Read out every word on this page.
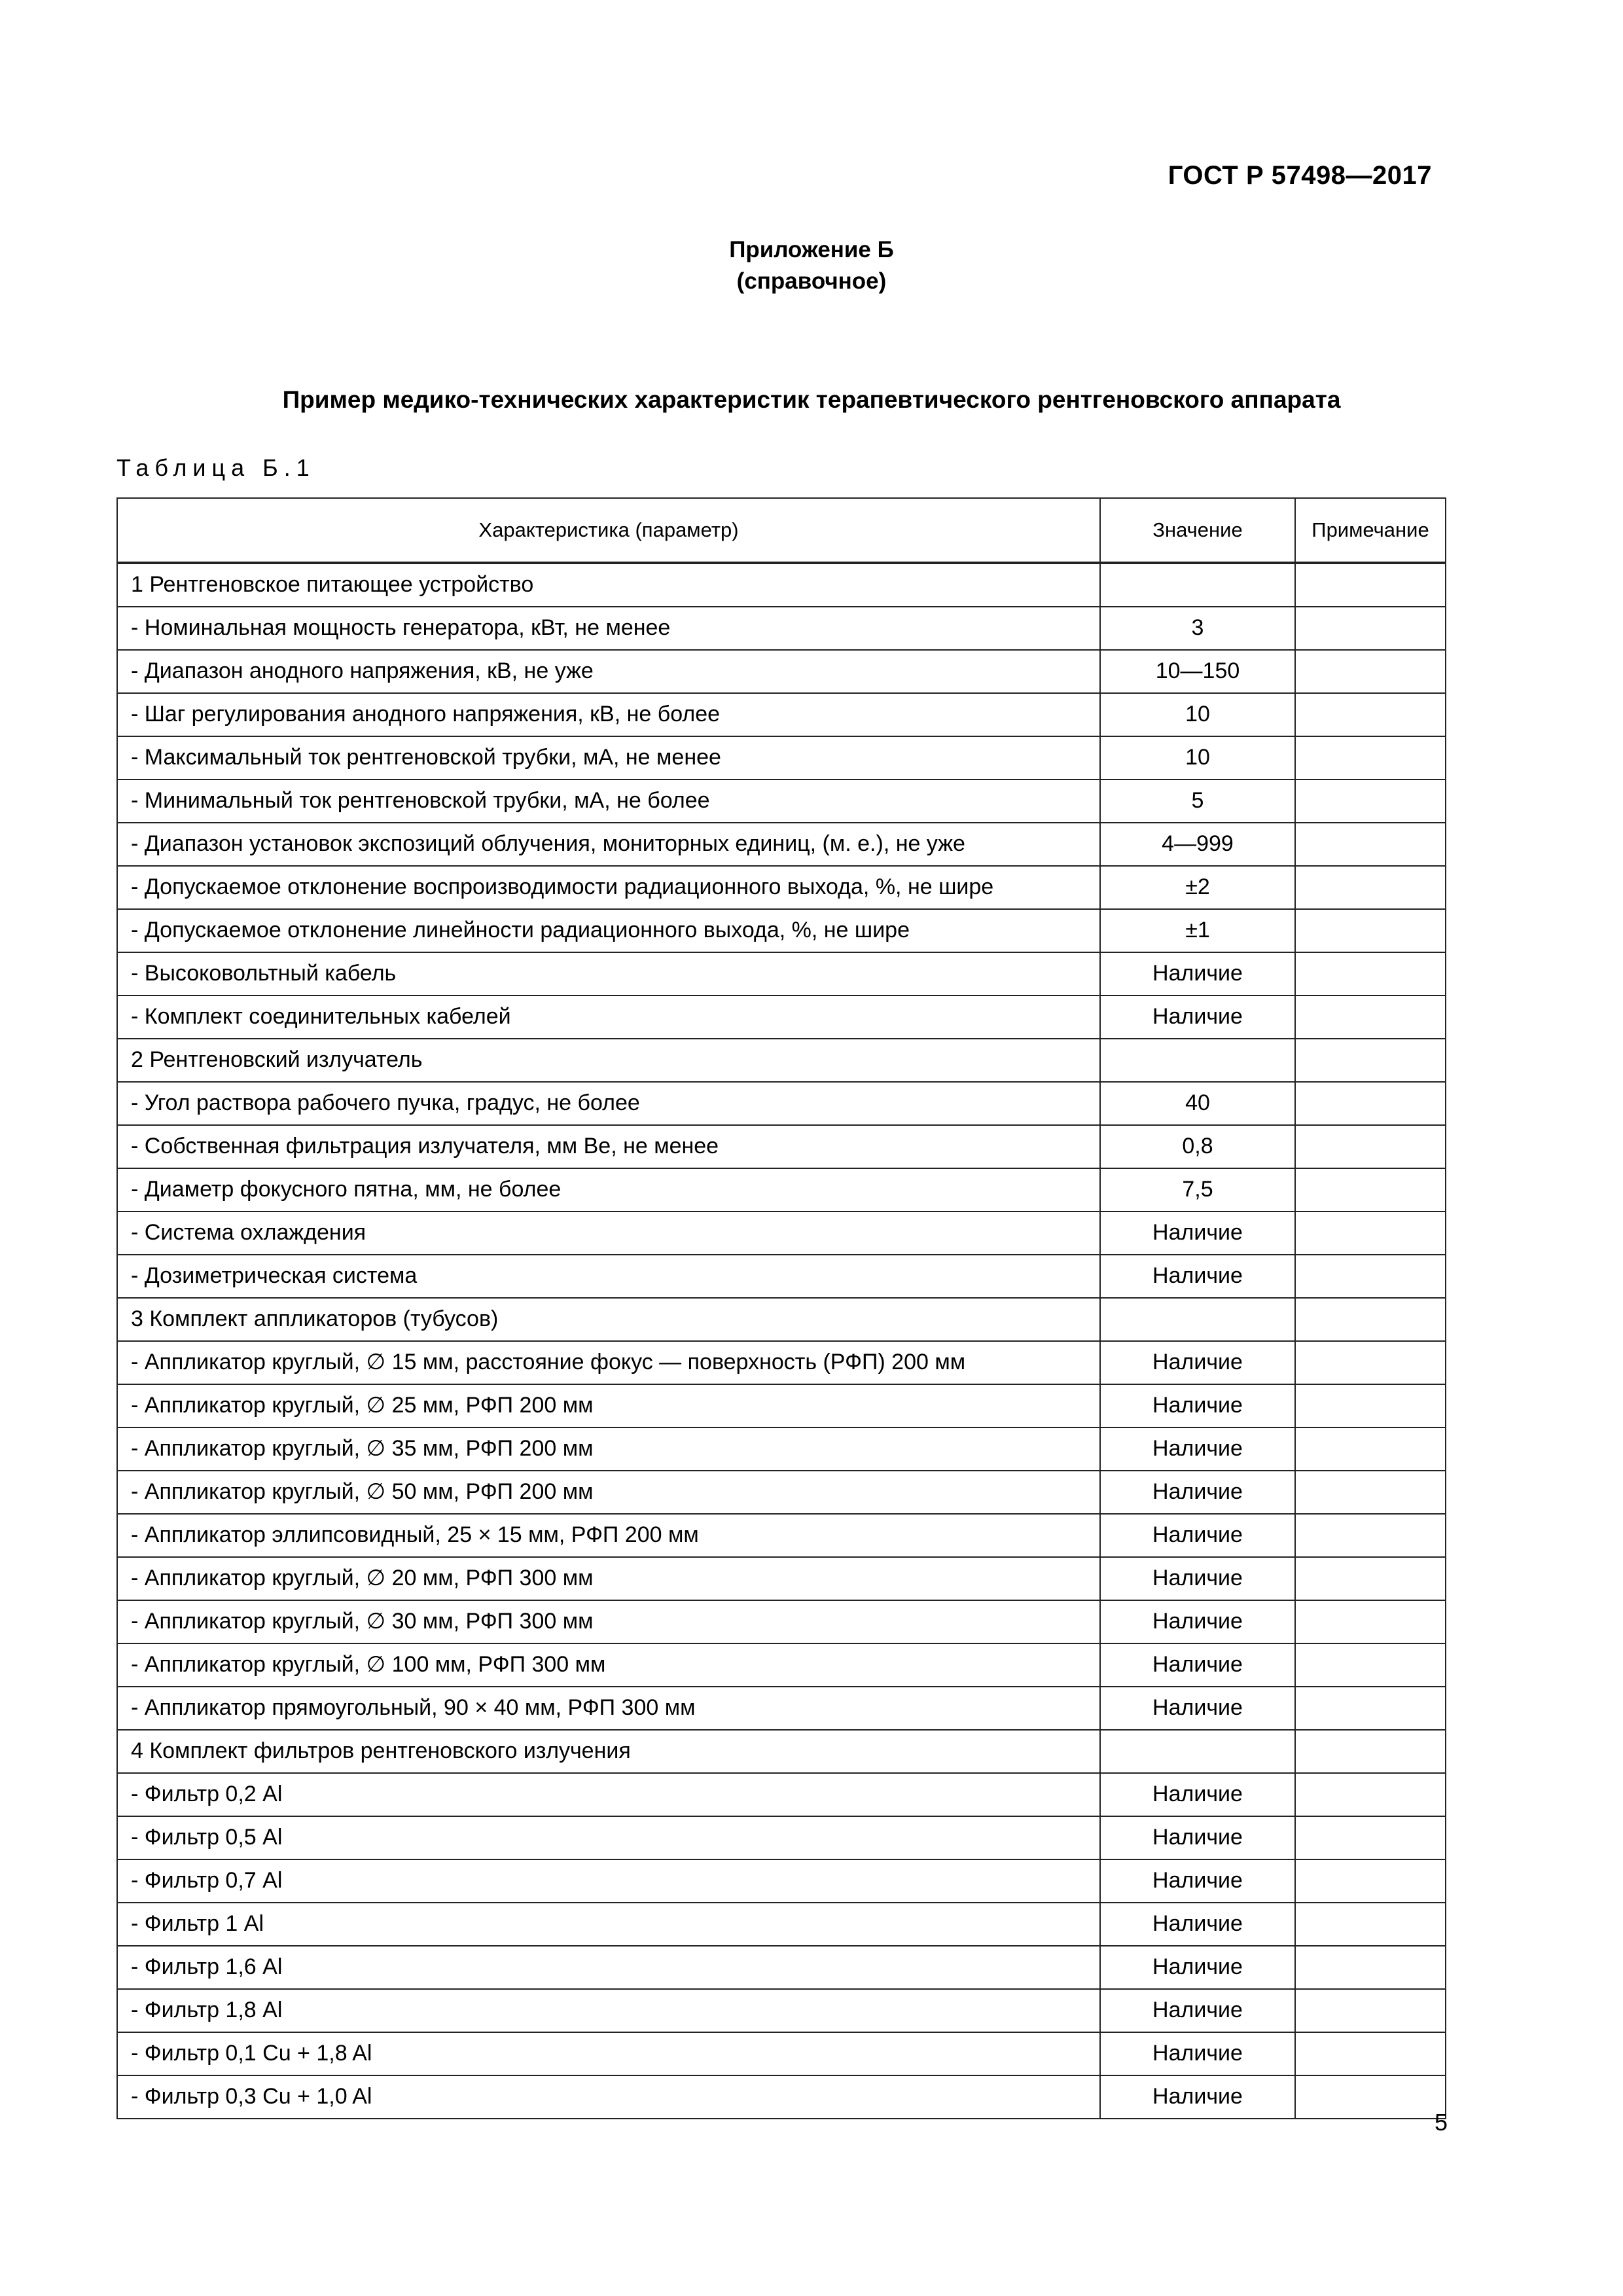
ГОСТ Р 57498—2017
Приложение Б
(справочное)
Пример медико-технических характеристик терапевтического рентгеновского аппарата
Таблица Б.1
Характеристика (параметр)	Значение	Примечание
1 Рентгеновское питающее устройство		
- Номинальная мощность генератора, кВт, не менее	3	
- Диапазон анодного напряжения, кВ, не уже	10—150	
- Шаг регулирования анодного напряжения, кВ, не более	10	
- Максимальный ток рентгеновской трубки, мА, не менее	10	
- Минимальный ток рентгеновской трубки, мА, не более	5	
- Диапазон установок экспозиций облучения, мониторных единиц, (м. е.), не уже	4—999	
- Допускаемое отклонение воспроизводимости радиационного выхода, %, не шире	±2	
- Допускаемое отклонение линейности радиационного выхода, %, не шире	±1	
- Высоковольтный кабель	Наличие	
- Комплект соединительных кабелей	Наличие	
2 Рентгеновский излучатель		
- Угол раствора рабочего пучка, градус, не более	40	
- Собственная фильтрация излучателя, мм Be, не менее	0,8	
- Диаметр фокусного пятна, мм, не более	7,5	
- Система охлаждения	Наличие	
- Дозиметрическая система	Наличие	
3 Комплект аппликаторов (тубусов)		
- Аппликатор круглый, ∅ 15 мм, расстояние фокус — поверхность (РФП) 200 мм	Наличие	
- Аппликатор круглый, ∅ 25 мм, РФП 200 мм	Наличие	
- Аппликатор круглый, ∅ 35 мм, РФП 200 мм	Наличие	
- Аппликатор круглый, ∅ 50 мм, РФП 200 мм	Наличие	
- Аппликатор эллипсовидный, 25 × 15 мм, РФП 200 мм	Наличие	
- Аппликатор круглый, ∅ 20 мм, РФП 300 мм	Наличие	
- Аппликатор круглый, ∅ 30 мм, РФП 300 мм	Наличие	
- Аппликатор круглый, ∅ 100 мм, РФП 300 мм	Наличие	
- Аппликатор прямоугольный, 90 × 40 мм, РФП 300 мм	Наличие	
4 Комплект фильтров рентгеновского излучения		
- Фильтр 0,2 Al	Наличие	
- Фильтр 0,5 Al	Наличие	
- Фильтр 0,7 Al	Наличие	
- Фильтр 1 Al	Наличие	
- Фильтр 1,6 Al	Наличие	
- Фильтр 1,8 Al	Наличие	
- Фильтр 0,1 Cu + 1,8 Al	Наличие	
- Фильтр 0,3 Cu + 1,0 Al	Наличие	
5
